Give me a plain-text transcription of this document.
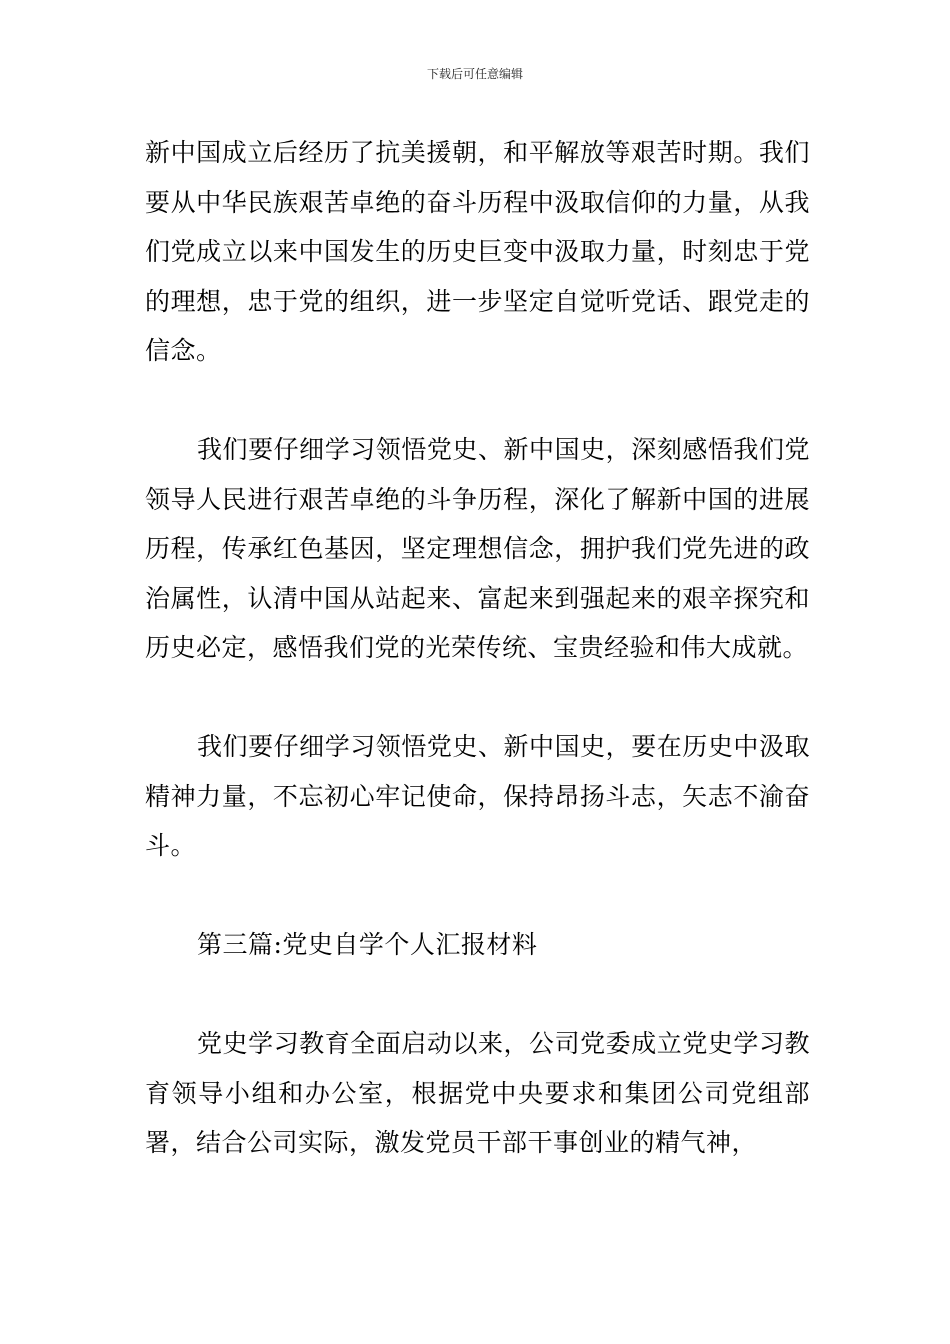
下载后可任意编辑

新中国成立后经历了抗美援朝，和平解放等艰苦时期。我们要从中华民族艰苦卓绝的奋斗历程中汲取信仰的力量，从我们党成立以来中国发生的历史巨变中汲取力量，时刻忠于党的理想，忠于党的组织，进一步坚定自觉听党话、跟党走的信念。

我们要仔细学习领悟党史、新中国史，深刻感悟我们党领导人民进行艰苦卓绝的斗争历程，深化了解新中国的进展历程，传承红色基因，坚定理想信念，拥护我们党先进的政治属性，认清中国从站起来、富起来到强起来的艰辛探究和历史必定，感悟我们党的光荣传统、宝贵经验和伟大成就。

我们要仔细学习领悟党史、新中国史，要在历史中汲取精神力量，不忘初心牢记使命，保持昂扬斗志，矢志不渝奋斗。

第三篇:党史自学个人汇报材料

党史学习教育全面启动以来，公司党委成立党史学习教育领导小组和办公室，根据党中央要求和集团公司党组部署，结合公司实际，激发党员干部干事创业的精气神，
